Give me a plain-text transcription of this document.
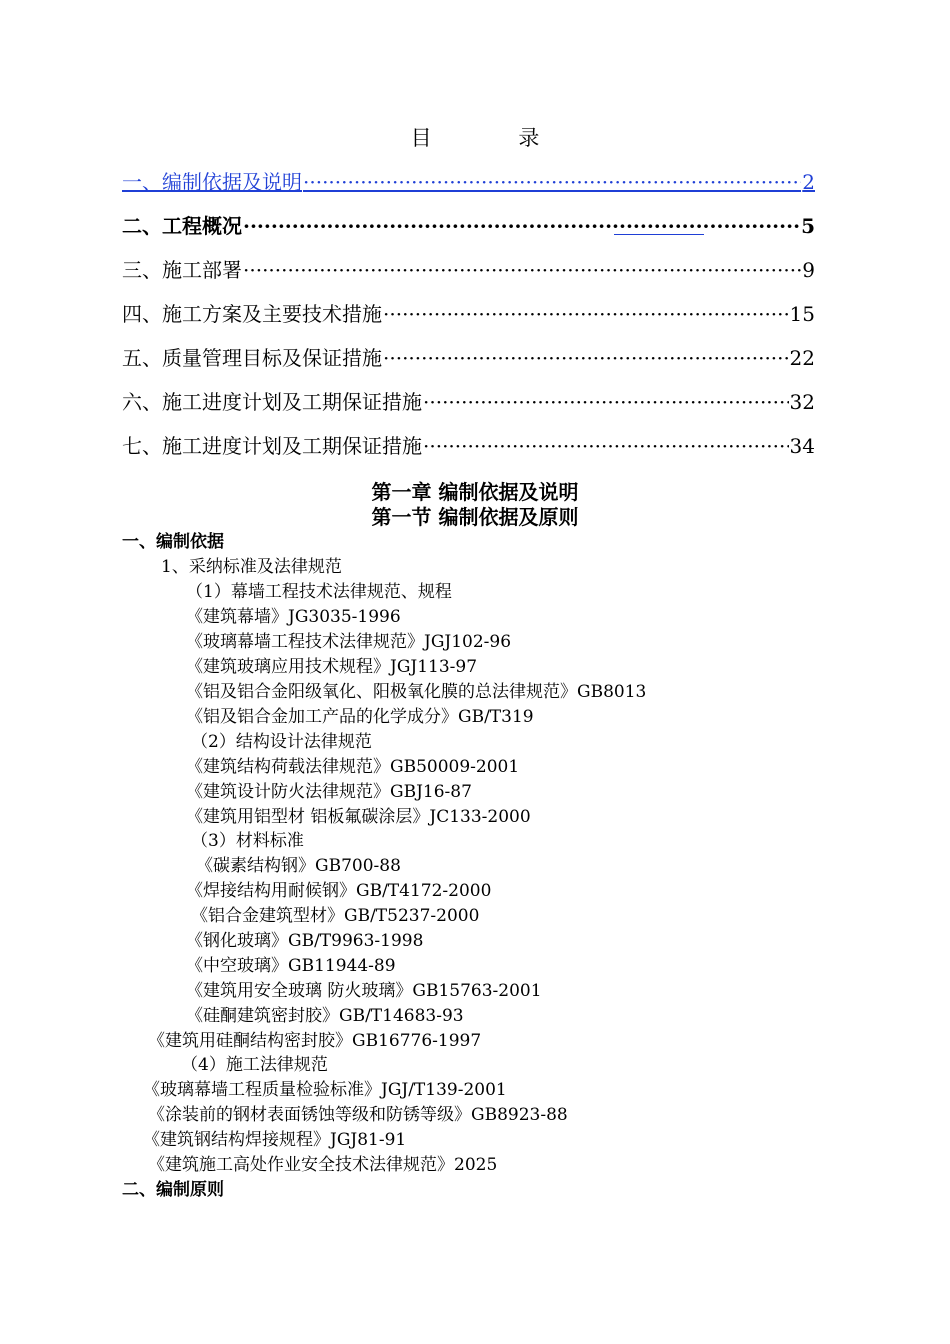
目 录
一、编制依据及说明 ·····	2
二、工程概况 ·····	5
三、施工部署 ·····	9
四、施工方案及主要技术措施 ·····	15
五、质量管理目标及保证措施 ·····	22
六、施工进度计划及工期保证措施 ·····	32
七、施工进度计划及工期保证措施 ·····	34
第一章 编制依据及说明
第一节 编制依据及原则
一、编制依据
1、采纳标准及法律规范
（1）幕墙工程技术法律规范、规程
《建筑幕墙》JG3035-1996
《玻璃幕墙工程技术法律规范》JGJ102-96
《建筑玻璃应用技术规程》JGJ113-97
《铝及铝合金阳级氧化、阳极氧化膜的总法律规范》GB8013
《铝及铝合金加工产品的化学成分》GB/T319
（2）结构设计法律规范
《建筑结构荷载法律规范》GB50009-2001
《建筑设计防火法律规范》GBJ16-87
《建筑用铝型材 铝板氟碳涂层》JC133-2000
（3）材料标准
《碳素结构钢》GB700-88
《焊接结构用耐候钢》GB/T4172-2000
《铝合金建筑型材》GB/T5237-2000
《钢化玻璃》GB/T9963-1998
《中空玻璃》GB11944-89
《建筑用安全玻璃 防火玻璃》GB15763-2001
《硅酮建筑密封胶》GB/T14683-93
《建筑用硅酮结构密封胶》GB16776-1997
（4）施工法律规范
《玻璃幕墙工程质量检验标准》JGJ/T139-2001
《涂装前的钢材表面锈蚀等级和防锈等级》GB8923-88
《建筑钢结构焊接规程》JGJ81-91
《建筑施工高处作业安全技术法律规范》2025
二、编制原则
